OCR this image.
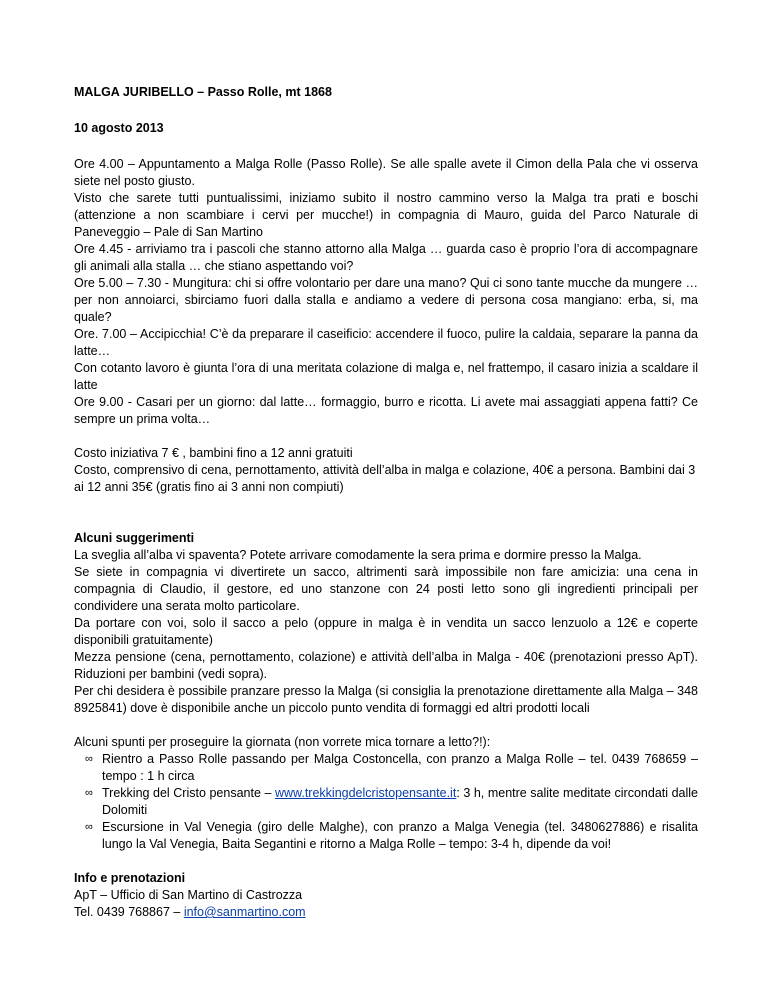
MALGA JURIBELLO – Passo Rolle, mt 1868
10 agosto 2013

Ore 4.00 – Appuntamento a Malga Rolle (Passo Rolle). Se alle spalle avete il Cimon della Pala che vi osserva siete nel posto giusto.

Visto che sarete tutti puntualissimi, iniziamo subito il nostro cammino verso la Malga tra prati e boschi (attenzione a non scambiare i cervi per mucche!) in compagnia di Mauro, guida del Parco Naturale di Paneveggio – Pale di San Martino

Ore 4.45 - arriviamo tra i pascoli che stanno attorno alla Malga … guarda caso è proprio l’ora di accompagnare gli animali alla stalla … che stiano aspettando voi?

Ore 5.00 – 7.30 - Mungitura: chi si offre volontario per dare una mano? Qui ci sono tante mucche da mungere … per non annoiarci, sbirciamo fuori dalla stalla e andiamo a vedere di persona cosa mangiano: erba, si, ma quale?

Ore. 7.00 – Accipicchia! C’è da preparare il caseificio: accendere il fuoco, pulire la caldaia, separare la panna da latte…

Con cotanto lavoro è giunta l’ora di una meritata colazione di malga e, nel frattempo, il casaro inizia a scaldare il latte

Ore 9.00 - Casari per un giorno: dal latte… formaggio, burro e ricotta. Li avete mai assaggiati appena fatti? Ce sempre un prima volta…

Costo iniziativa 7 € , bambini fino a 12 anni gratuiti

Costo, comprensivo di cena, pernottamento, attività dell’alba in malga e colazione, 40€ a persona. Bambini dai 3 ai 12 anni 35€ (gratis fino ai 3 anni non compiuti)

Alcuni suggerimenti

La sveglia all’alba vi spaventa? Potete arrivare comodamente la sera prima e dormire presso la Malga.

Se siete in compagnia vi divertirete un sacco, altrimenti sarà impossibile non fare amicizia: una cena in compagnia di Claudio, il gestore, ed uno stanzone con 24 posti letto sono gli ingredienti principali per condividere una serata molto particolare.

Da portare con voi, solo il sacco a pelo (oppure in malga è in vendita un sacco lenzuolo a 12€ e coperte disponibili gratuitamente)

Mezza pensione (cena, pernottamento, colazione) e attività dell’alba in Malga - 40€ (prenotazioni presso ApT). Riduzioni per bambini (vedi sopra).

Per chi desidera è possibile pranzare presso la Malga (si consiglia la prenotazione direttamente alla Malga – 348 8925841) dove è disponibile anche un piccolo punto vendita di formaggi ed altri prodotti locali

Alcuni spunti per proseguire la giornata (non vorrete mica tornare a letto?!):

∞ Rientro a Passo Rolle passando per Malga Costoncella, con pranzo a Malga Rolle – tel. 0439 768659 – tempo : 1 h circa
∞ Trekking del Cristo pensante – www.trekkingdelcristopensante.it: 3 h, mentre salite meditate circondati dalle Dolomiti
∞ Escursione in Val Venegia (giro delle Malghe), con pranzo a Malga Venegia (tel. 3480627886) e risalita lungo la Val Venegia, Baita Segantini e ritorno a Malga Rolle – tempo: 3-4 h, dipende da voi!
Info e prenotazioni

ApT – Ufficio di San Martino di Castrozza

Tel. 0439 768867 – info@sanmartino.com
